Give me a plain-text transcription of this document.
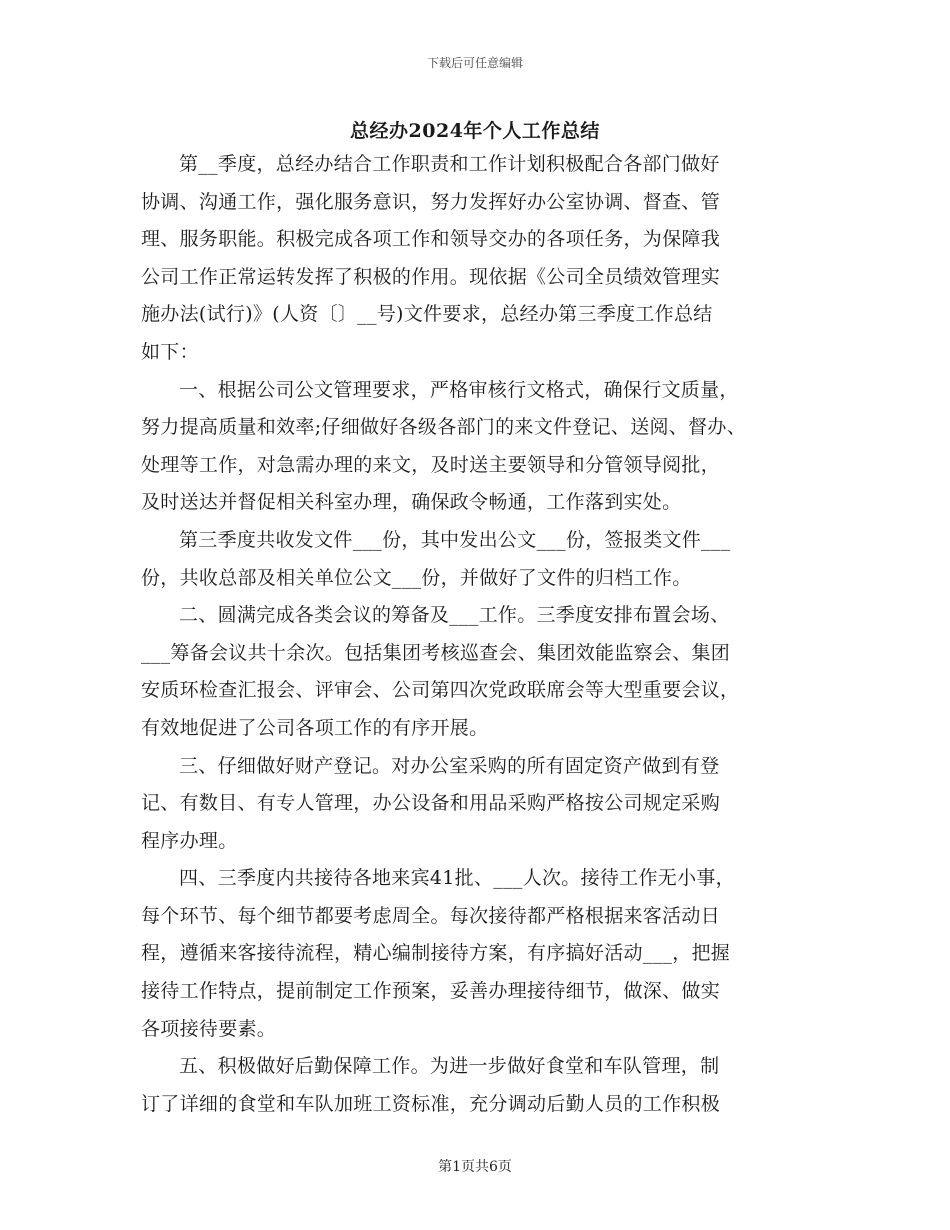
下载后可任意编辑
总经办2024年个人工作总结

第__季度，总经办结合工作职责和工作计划积极配合各部门做好
协调、沟通工作，强化服务意识，努力发挥好办公室协调、督查、管
理、服务职能。积极完成各项工作和领导交办的各项任务，为保障我
公司工作正常运转发挥了积极的作用。现依据《公司全员绩效管理实
施办法(试行)》(人资〔〕__号)文件要求，总经办第三季度工作总结
如下：

一、根据公司公文管理要求，严格审核行文格式，确保行文质量，
努力提高质量和效率;仔细做好各级各部门的来文件登记、送阅、督办、
处理等工作，对急需办理的来文，及时送主要领导和分管领导阅批，
及时送达并督促相关科室办理，确保政令畅通，工作落到实处。

第三季度共收发文件___份，其中发出公文___份，签报类文件___
份，共收总部及相关单位公文___份，并做好了文件的归档工作。

二、圆满完成各类会议的筹备及___工作。三季度安排布置会场、
___筹备会议共十余次。包括集团考核巡查会、集团效能监察会、集团
安质环检查汇报会、评审会、公司第四次党政联席会等大型重要会议，
有效地促进了公司各项工作的有序开展。

三、仔细做好财产登记。对办公室采购的所有固定资产做到有登
记、有数目、有专人管理，办公设备和用品采购严格按公司规定采购
程序办理。

四、三季度内共接待各地来宾41批、___人次。接待工作无小事，
每个环节、每个细节都要考虑周全。每次接待都严格根据来客活动日
程，遵循来客接待流程，精心编制接待方案，有序搞好活动___，把握
接待工作特点，提前制定工作预案，妥善办理接待细节，做深、做实
各项接待要素。

五、积极做好后勤保障工作。为进一步做好食堂和车队管理，制
订了详细的食堂和车队加班工资标准，充分调动后勤人员的工作积极

第1页共6页
